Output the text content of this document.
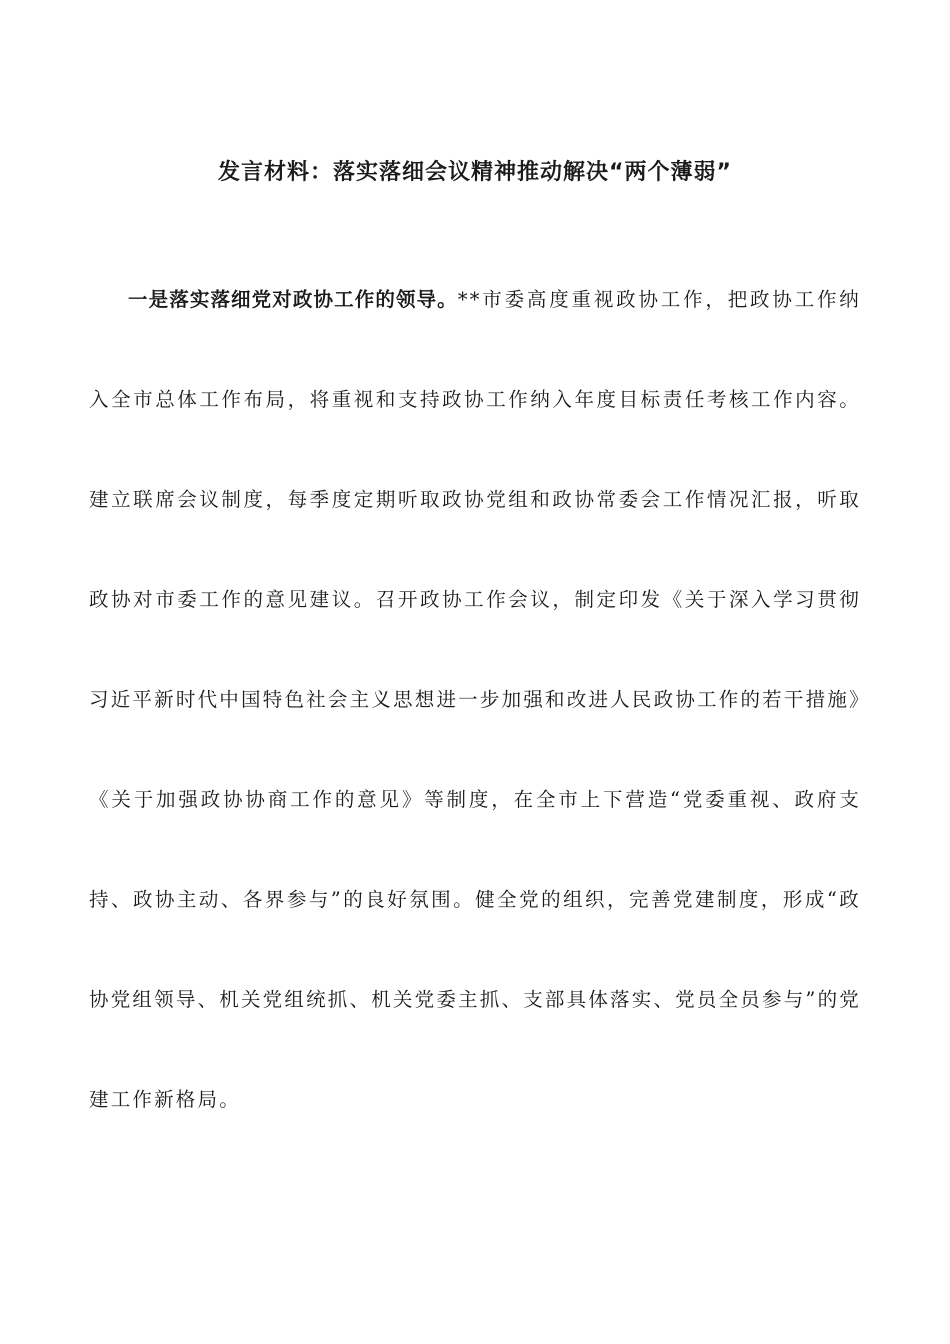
发言材料：落实落细会议精神推动解决“两个薄弱”

一是落实落细党对政协工作的领导。**市委高度重视政协工作，把政协工作纳入全市总体工作布局，将重视和支持政协工作纳入年度目标责任考核工作内容。建立联席会议制度，每季度定期听取政协党组和政协常委会工作情况汇报，听取政协对市委工作的意见建议。召开政协工作会议，制定印发《关于深入学习贯彻习近平新时代中国特色社会主义思想进一步加强和改进人民政协工作的若干措施》《关于加强政协协商工作的意见》等制度，在全市上下营造“党委重视、政府支持、政协主动、各界参与”的良好氛围。健全党的组织，完善党建制度，形成“政协党组领导、机关党组统抓、机关党委主抓、支部具体落实、党员全员参与”的党建工作新格局。
